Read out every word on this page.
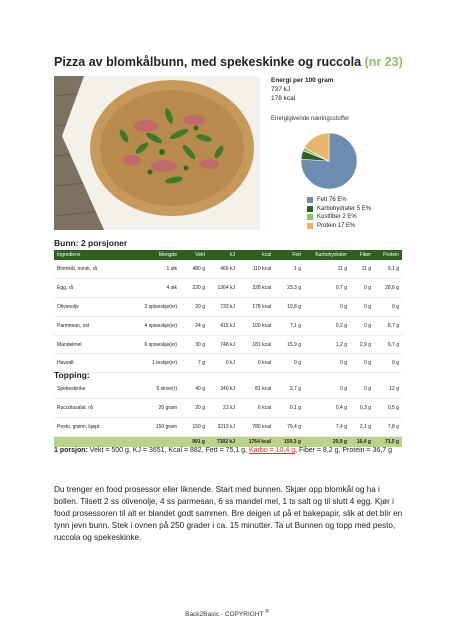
Pizza av blomkålbunn, med spekeskinke og ruccola (nr 23)
Energi per 100 gram
737 kJ
178 kcal
Energigivende næringsstoffer
Fett 76 E%
Karbohydrater 5 E%
Kostfiber 2 E%
Protein 17 E%
Bunn: 2 porsjoner
Ingrediens	Mengde	Vekt	kJ	kcal	Fett	Karbohydrater	Fiber	Protein
Blomkål, norsk, rå	1 stk	480 g	466 kJ	110 kcal	1 g	11 g	11 g	9,1 g
Egg, rå	4 stk	220 g	1364 kJ	328 kcal	23,3 g	0,7 g	0 g	28,6 g
Olivenolje	2 spiseskje(er)	20 g	733 kJ	178 kcal	19,8 g	0 g	0 g	0 g
Parmesan, ost	4 spiseskje(er)	24 g	415 kJ	100 kcal	7,1 g	0,2 g	0 g	8,7 g
Mandelmel	6 spiseskje(er)	30 g	748 kJ	181 kcal	15,9 g	1,2 g	2,9 g	6,7 g
Havsalt	1 teskje(er)	7 g	0 kJ	0 kcal	0 g	0 g	0 g	0 g
Topping:
Spekeskinke	5 skive(r)	40 g	340 kJ	81 kcal	3,7 g	0 g	0 g	12 g
Ruccolasalat, rå	20 gram	20 g	23 kJ	6 kcal	0,1 g	0,4 g	0,3 g	0,5 g
Pesto, grønn, kjøpt	150 gram	150 g	3213 kJ	780 kcal	79,4 g	7,4 g	2,1 g	7,8 g
		991 g	7302 kJ	1764 kcal	150,3 g	20,9 g	16,4 g	73,5 g
1 porsjon: Vekt = 500 g, KJ = 3651, Kcal = 882, Fett = 75,1 g, Karbo = 10,4 g, Fiber = 8,2 g, Protein = 36,7 g
Du trenger en food prosessor eller liknende. Start med bunnen. Skjær opp blomkål og ha i bollen. Tilsett 2 ss olivenolje, 4 ss parmesan, 6 ss mandel mel, 1 ts salt og til slutt 4 egg. Kjør i food prosessoren til alt er blandet godt sammen. Bre deigen ut på et bakepapir, slik at det blir en tynn jevn bunn. Stek i ovnen på 250 grader i ca. 15 minutter. Ta ut Bunnen og topp med pesto, ruccola og spekeskinke.
Back2Basic - COPYRIGHT ®
